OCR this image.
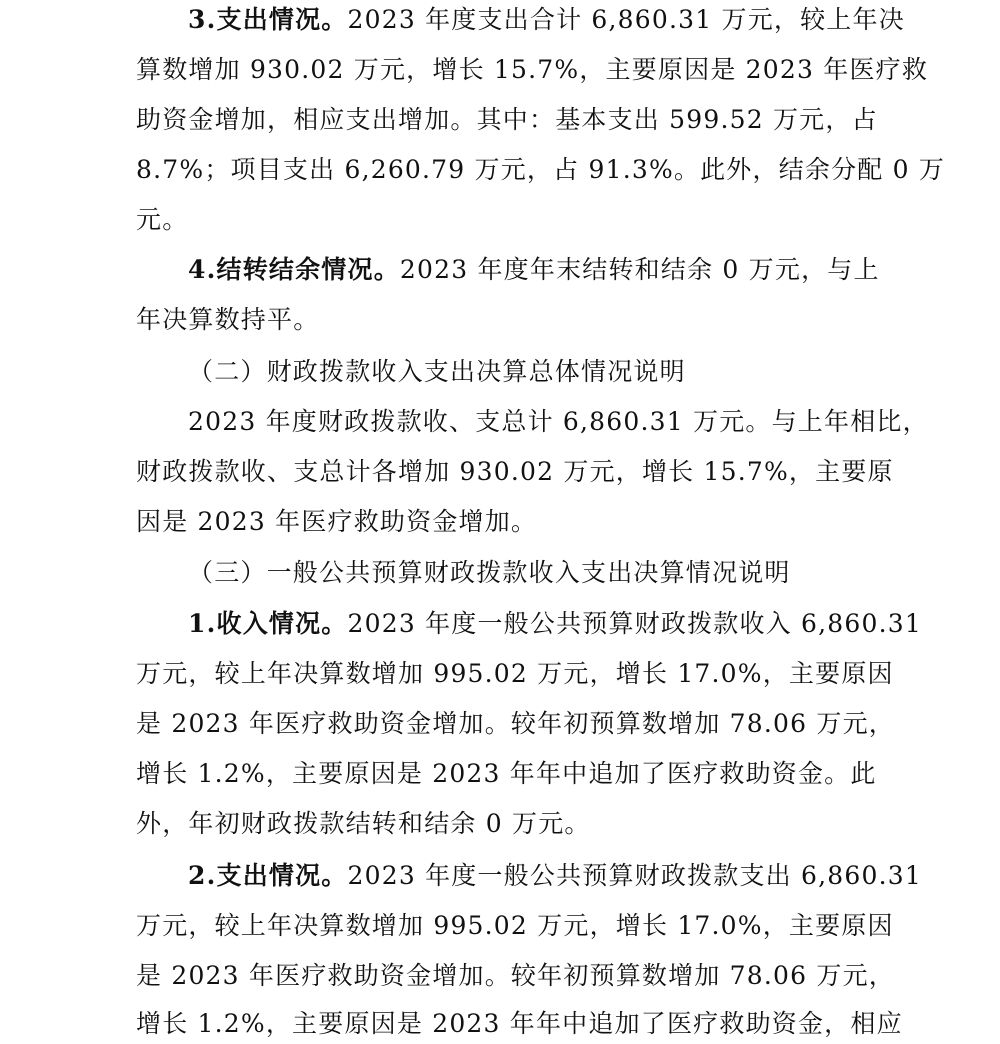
3.支出情况。2023 年度支出合计 6,860.31 万元，较上年决
算数增加 930.02 万元，增长 15.7%，主要原因是 2023 年医疗救
助资金增加，相应支出增加。其中：基本支出 599.52 万元，占
8.7%；项目支出 6,260.79 万元，占 91.3%。此外，结余分配 0 万
元。
4.结转结余情况。2023 年度年末结转和结余 0 万元，与上
年决算数持平。
（二）财政拨款收入支出决算总体情况说明
2023 年度财政拨款收、支总计 6,860.31 万元。与上年相比，
财政拨款收、支总计各增加 930.02 万元，增长 15.7%，主要原
因是 2023 年医疗救助资金增加。
（三）一般公共预算财政拨款收入支出决算情况说明
1.收入情况。2023 年度一般公共预算财政拨款收入 6,860.31
万元，较上年决算数增加 995.02 万元，增长 17.0%，主要原因
是 2023 年医疗救助资金增加。较年初预算数增加 78.06 万元，
增长 1.2%，主要原因是 2023 年年中追加了医疗救助资金。此
外，年初财政拨款结转和结余 0 万元。
2.支出情况。2023 年度一般公共预算财政拨款支出 6,860.31
万元，较上年决算数增加 995.02 万元，增长 17.0%，主要原因
是 2023 年医疗救助资金增加。较年初预算数增加 78.06 万元，
增长 1.2%，主要原因是 2023 年年中追加了医疗救助资金，相应
